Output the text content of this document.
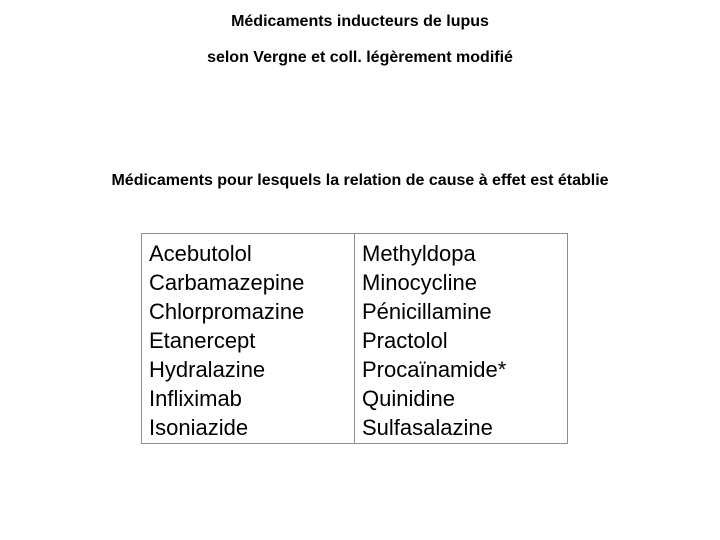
Médicaments inducteurs de lupus
selon Vergne et coll. légèrement modifié
Médicaments pour lesquels la relation de cause à effet est établie
Acebutolol
Carbamazepine
Chlorpromazine
Etanercept
Hydralazine
Infliximab
Isoniazide
Methyldopa
Minocycline
Pénicillamine
Practolol
Procaïnamide*
Quinidine
Sulfasalazine
